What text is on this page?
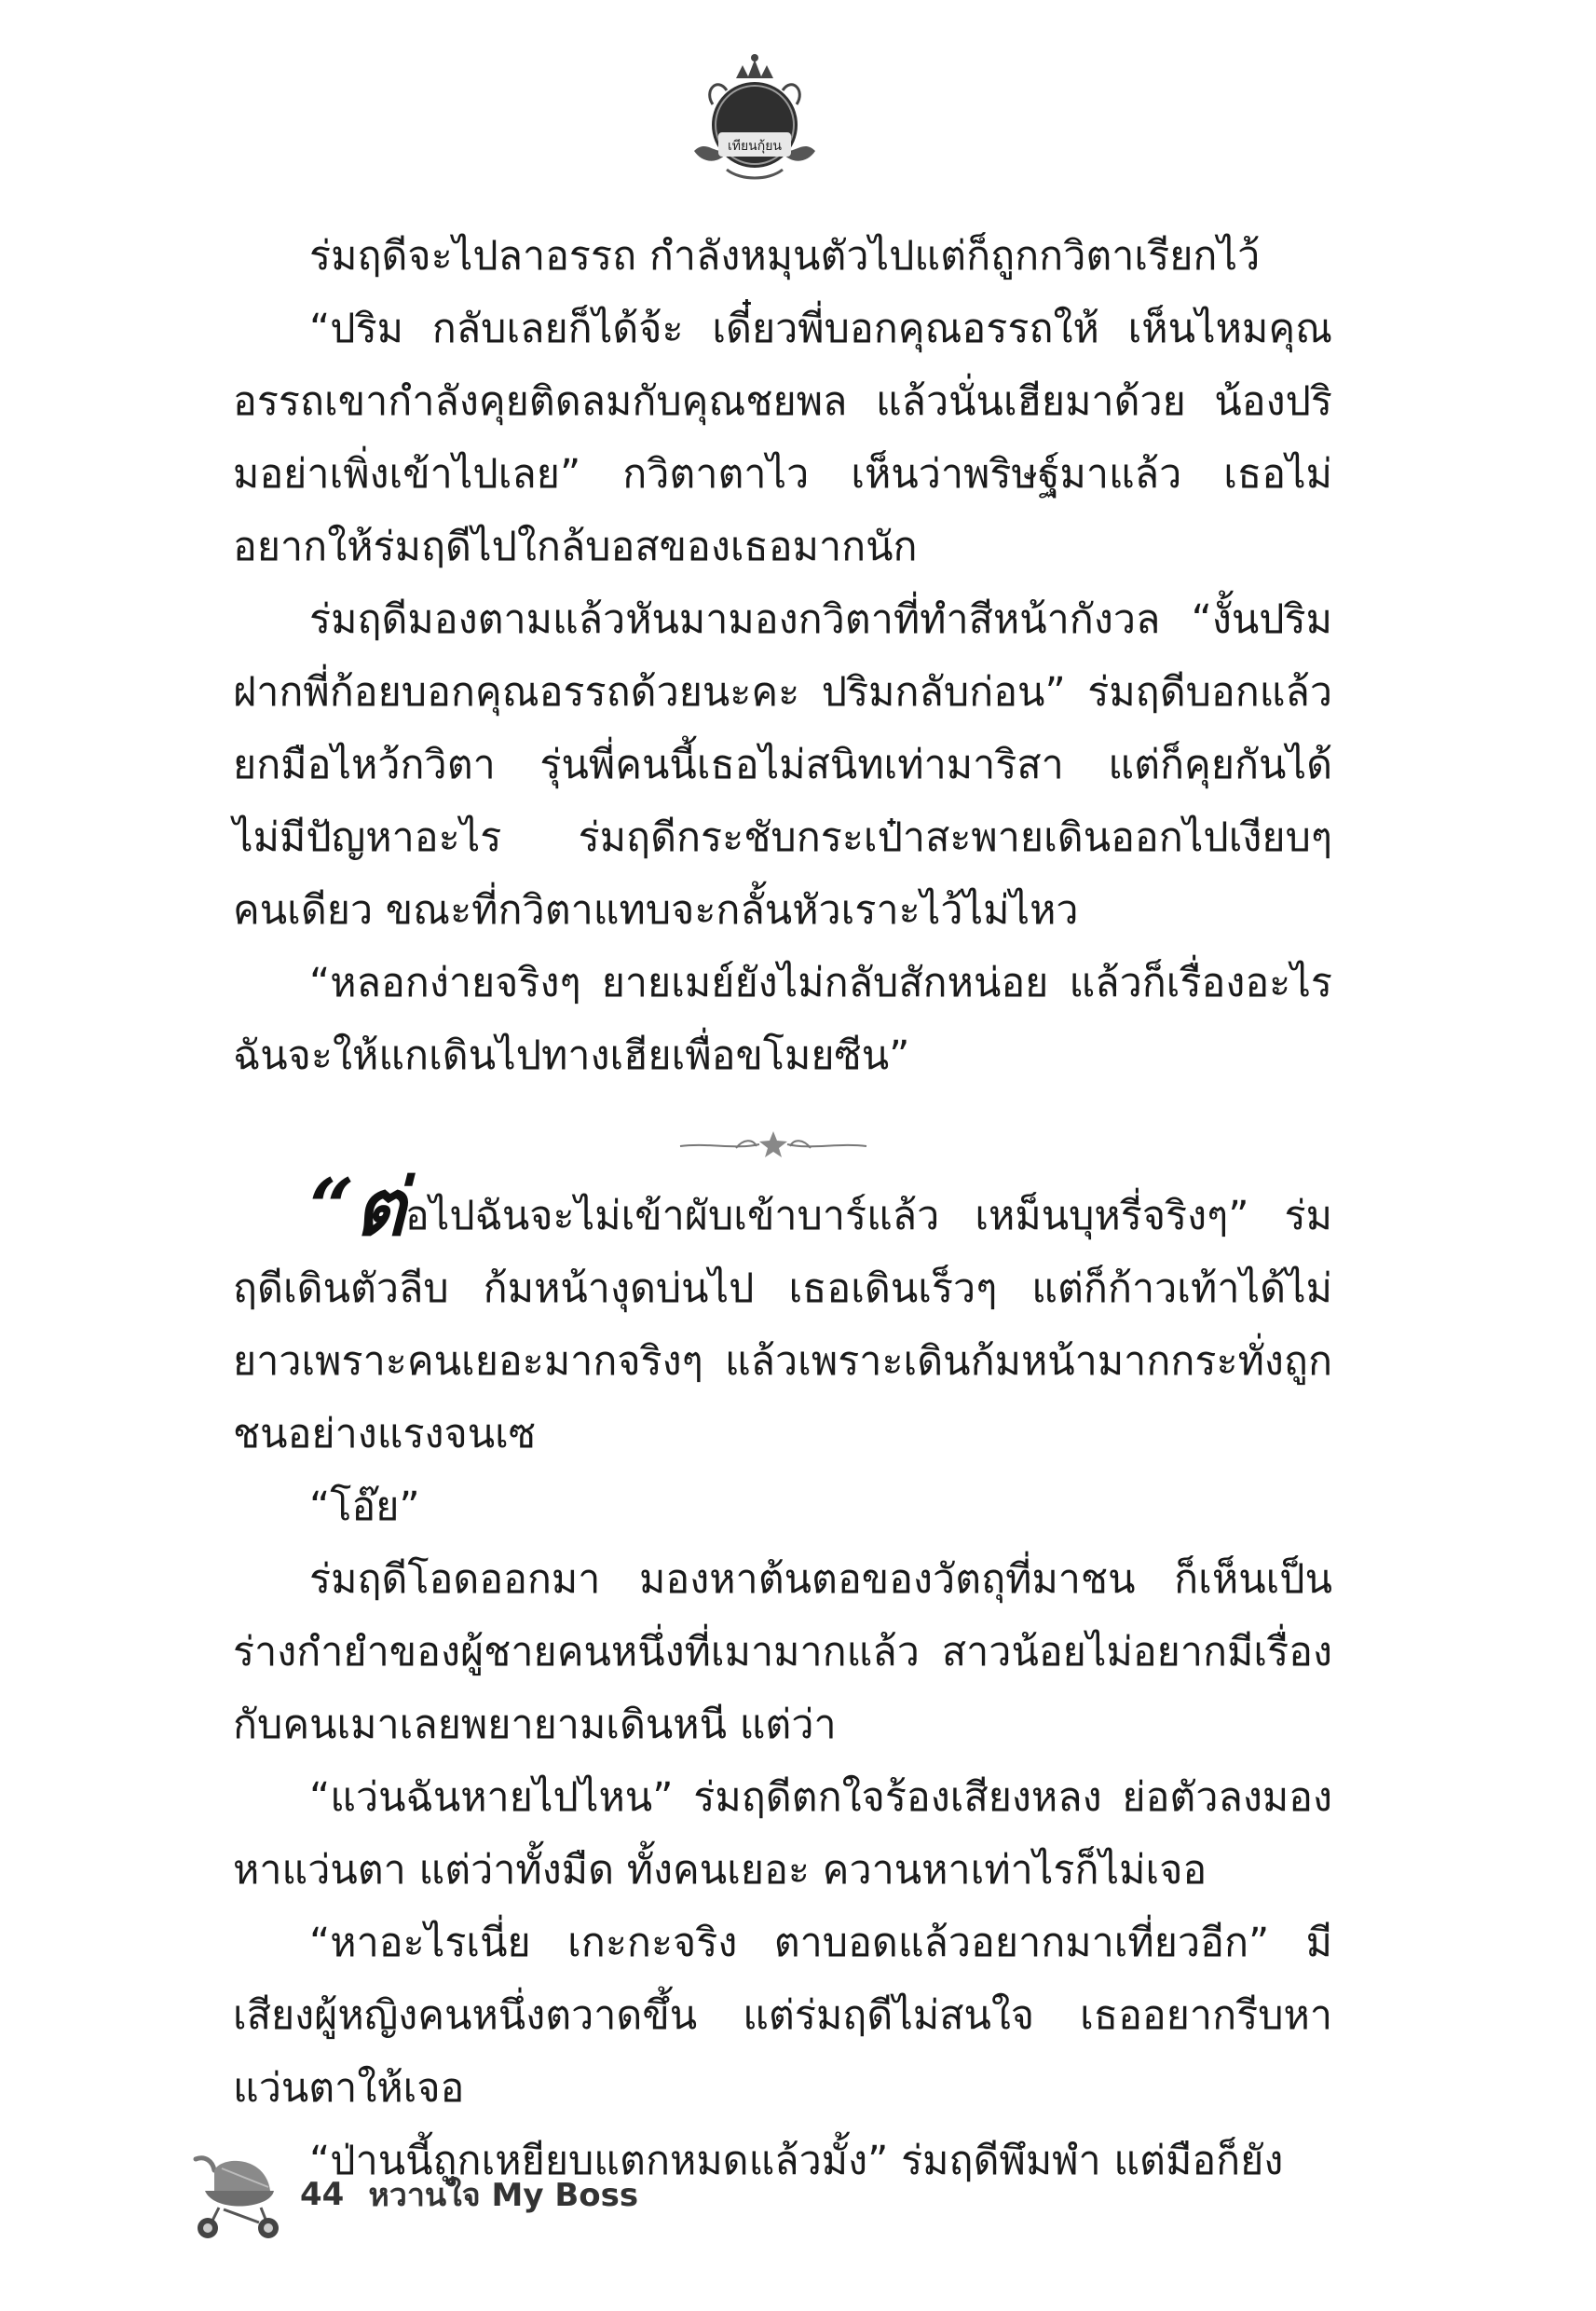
เทียนกุ้ยน

ร่มฤดีจะไปลาอรรถ กำลังหมุนตัวไปแต่ก็ถูกกวิตาเรียกไว้

“ปริม กลับเลยก็ได้จ้ะ เดี๋ยวพี่บอกคุณอรรถให้ เห็นไหมคุณอรรถเขากำลังคุยติดลมกับคุณชยพล แล้วนั่นเฮียมาด้วย น้องปริมอย่าเพิ่งเข้าไปเลย” กวิตาตาไว เห็นว่าพริษฐ์มาแล้ว เธอไม่อยากให้ร่มฤดีไปใกล้บอสของเธอมากนัก

ร่มฤดีมองตามแล้วหันมามองกวิตาที่ทำสีหน้ากังวล “งั้นปริมฝากพี่ก้อยบอกคุณอรรถด้วยนะคะ ปริมกลับก่อน” ร่มฤดีบอกแล้วยกมือไหว้กวิตา รุ่นพี่คนนี้เธอไม่สนิทเท่ามาริสา แต่ก็คุยกันได้ไม่มีปัญหาอะไร ร่มฤดีกระชับกระเป๋าสะพายเดินออกไปเงียบๆ คนเดียว ขณะที่กวิตาแทบจะกลั้นหัวเราะไว้ไม่ไหว

“หลอกง่ายจริงๆ ยายเมย์ยังไม่กลับสักหน่อย แล้วก็เรื่องอะไรฉันจะให้แกเดินไปทางเฮียเพื่อขโมยซีน”

“ต่อไปฉันจะไม่เข้าผับเข้าบาร์แล้ว เหม็นบุหรี่จริงๆ” ร่มฤดีเดินตัวลีบ ก้มหน้างุดบ่นไป เธอเดินเร็วๆ แต่ก็ก้าวเท้าได้ไม่ยาวเพราะคนเยอะมากจริงๆ แล้วเพราะเดินก้มหน้ามากกระทั่งถูกชนอย่างแรงจนเซ

“โอ๊ย”

ร่มฤดีโอดออกมา มองหาต้นตอของวัตถุที่มาชน ก็เห็นเป็นร่างกำยำของผู้ชายคนหนึ่งที่เมามากแล้ว สาวน้อยไม่อยากมีเรื่องกับคนเมาเลยพยายามเดินหนี แต่ว่า

“แว่นฉันหายไปไหน” ร่มฤดีตกใจร้องเสียงหลง ย่อตัวลงมองหาแว่นตา แต่ว่าทั้งมืด ทั้งคนเยอะ ควานหาเท่าไรก็ไม่เจอ

“หาอะไรเนี่ย เกะกะจริง ตาบอดแล้วอยากมาเที่ยวอีก” มีเสียงผู้หญิงคนหนึ่งตวาดขึ้น แต่ร่มฤดีไม่สนใจ เธออยากรีบหาแว่นตาให้เจอ

“ป่านนี้ถูกเหยียบแตกหมดแล้วมั้ง” ร่มฤดีพึมพำ แต่มือก็ยัง

44 หวานใจ My Boss
